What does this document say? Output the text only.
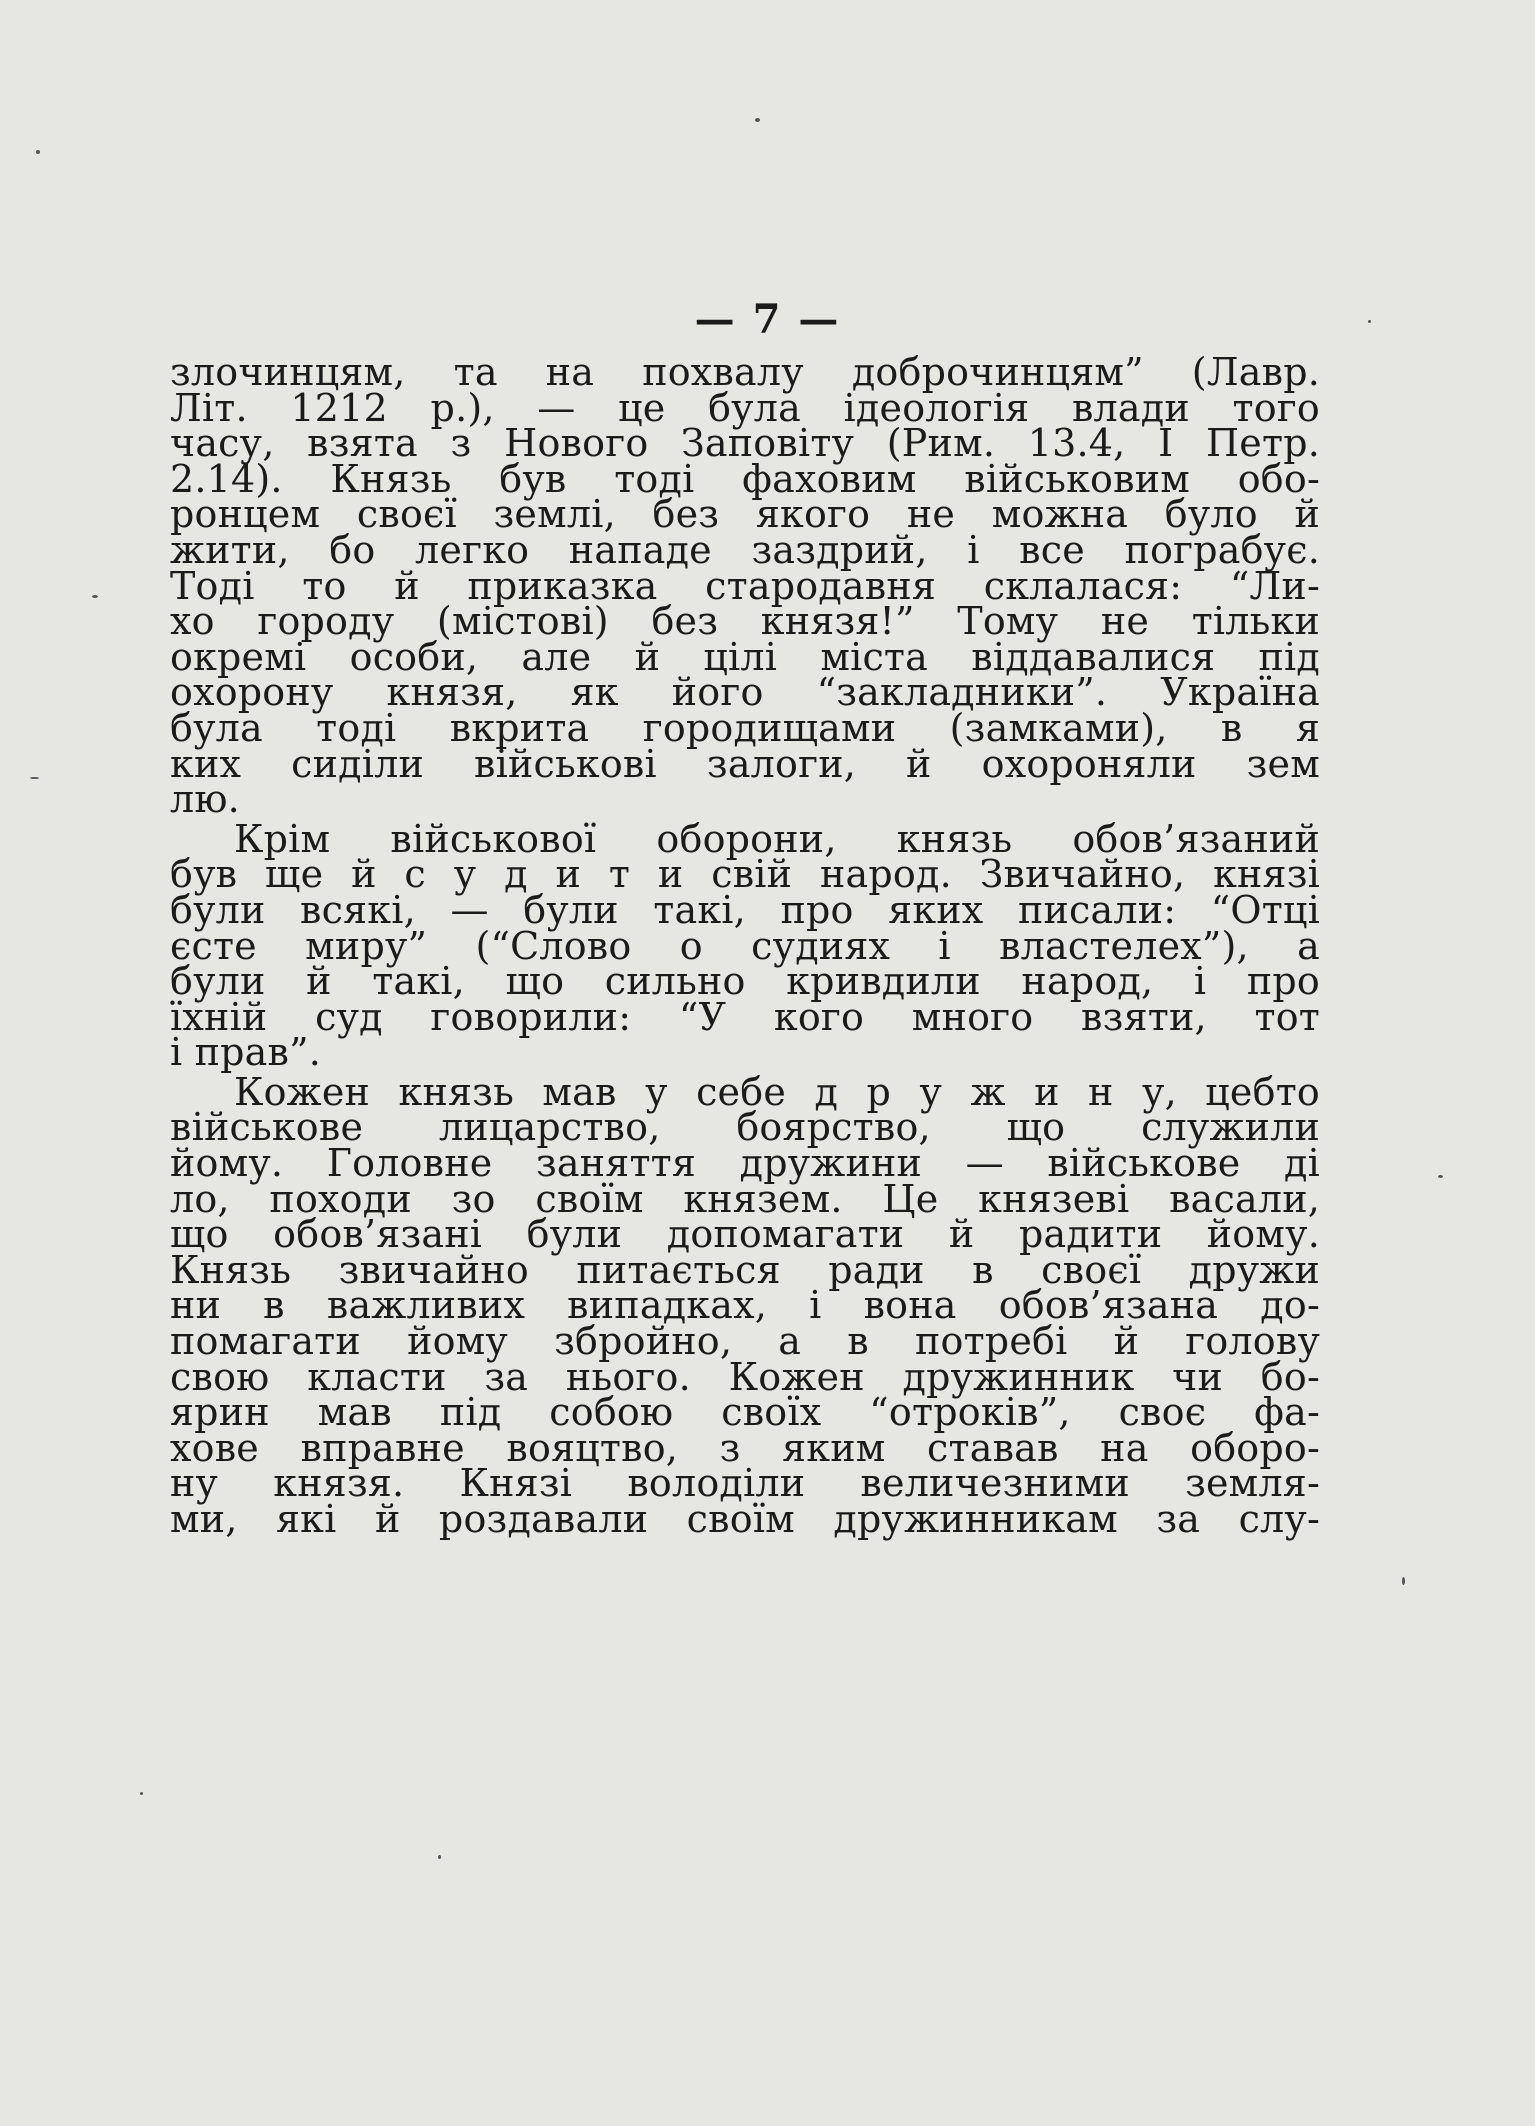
— 7 —
злочинцям, та на похвалу доброчинцям” (Лавр.
Літ. 1212 р.), — це була ідеологія влади того
часу, взята з Нового Заповіту (Рим. 13.4, І Петр.
2.14). Князь був тоді фаховим військовим обо-
ронцем своєї землі, без якого не можна було й
жити, бо легко нападе заздрий, і все пограбує.
Тоді то й приказка стародавня склалася: “Ли-
хо городу (містові) без князя!” Тому не тільки
окремі особи, але й цілі міста віддавалися під
охорону князя, як його “закладники”. Україна
була тоді вкрита городищами (замками), в я
ких сиділи військові залоги, й охороняли зем
лю.
Крім військової оборони, князь обов’язаний
був ще й с у д и т и свій народ. Звичайно, князі
були всякі, — були такі, про яких писали: “Отці
єсте миру” (“Слово о судиях і властелех”), а
були й такі, що сильно кривдили народ, і про
їхній суд говорили: “У кого много взяти, тот
і прав”.
Кожен князь мав у себе д р у ж и н у, цебто
військове лицарство, боярство, що служили
йому. Головне заняття дружини — військове ді
ло, походи зо своїм князем. Це князеві васали,
що обов’язані були допомагати й радити йому.
Князь звичайно питається ради в своєї дружи
ни в важливих випадках, і вона обов’язана до-
помагати йому збройно, а в потребі й голову
свою класти за нього. Кожен дружинник чи бо-
ярин мав під собою своїх “отроків”, своє фа-
хове вправне вояцтво, з яким ставав на оборо-
ну князя. Князі володіли величезними земля-
ми, які й роздавали своїм дружинникам за слу-
